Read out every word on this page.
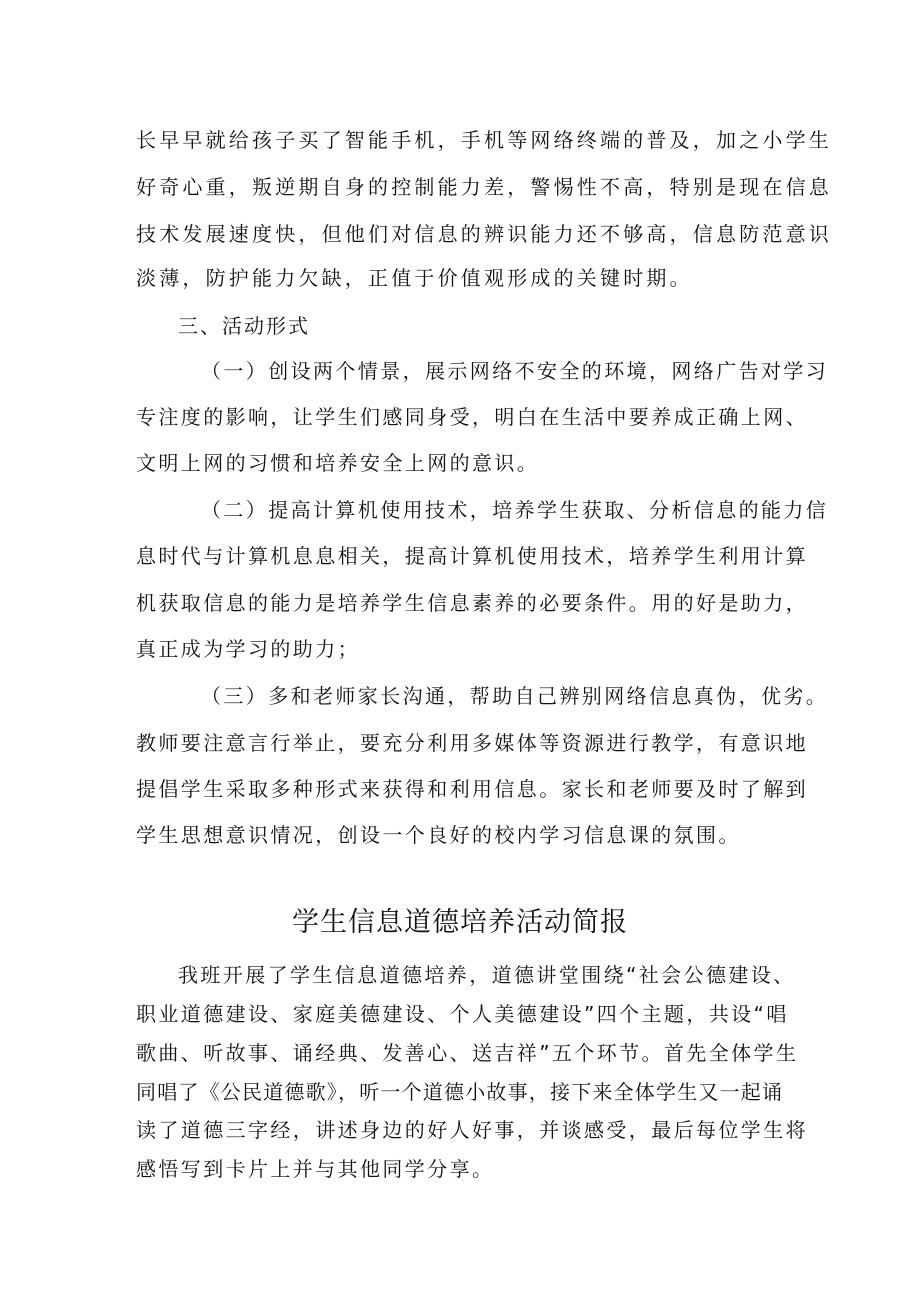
长早早就给孩子买了智能手机，手机等网络终端的普及，加之小学生
好奇心重，叛逆期自身的控制能力差，警惕性不高，特别是现在信息
技术发展速度快，但他们对信息的辨识能力还不够高，信息防范意识
淡薄，防护能力欠缺，正值于价值观形成的关键时期。
三、活动形式
（一）创设两个情景，展示网络不安全的环境，网络广告对学习
专注度的影响，让学生们感同身受，明白在生活中要养成正确上网、
文明上网的习惯和培养安全上网的意识。
（二）提高计算机使用技术，培养学生获取、分析信息的能力信
息时代与计算机息息相关，提高计算机使用技术，培养学生利用计算
机获取信息的能力是培养学生信息素养的必要条件。用的好是助力，
真正成为学习的助力；
（三）多和老师家长沟通，帮助自己辨别网络信息真伪，优劣。
教师要注意言行举止，要充分利用多媒体等资源进行教学，有意识地
提倡学生采取多种形式来获得和利用信息。家长和老师要及时了解到
学生思想意识情况，创设一个良好的校内学习信息课的氛围。
学生信息道德培养活动简报
我班开展了学生信息道德培养，道德讲堂围绕“社会公德建设、
职业道德建设、家庭美德建设、个人美德建设”四个主题，共设“唱
歌曲、听故事、诵经典、发善心、送吉祥”五个环节。首先全体学生
同唱了《公民道德歌》，听一个道德小故事，接下来全体学生又一起诵
读了道德三字经，讲述身边的好人好事，并谈感受，最后每位学生将
感悟写到卡片上并与其他同学分享。
